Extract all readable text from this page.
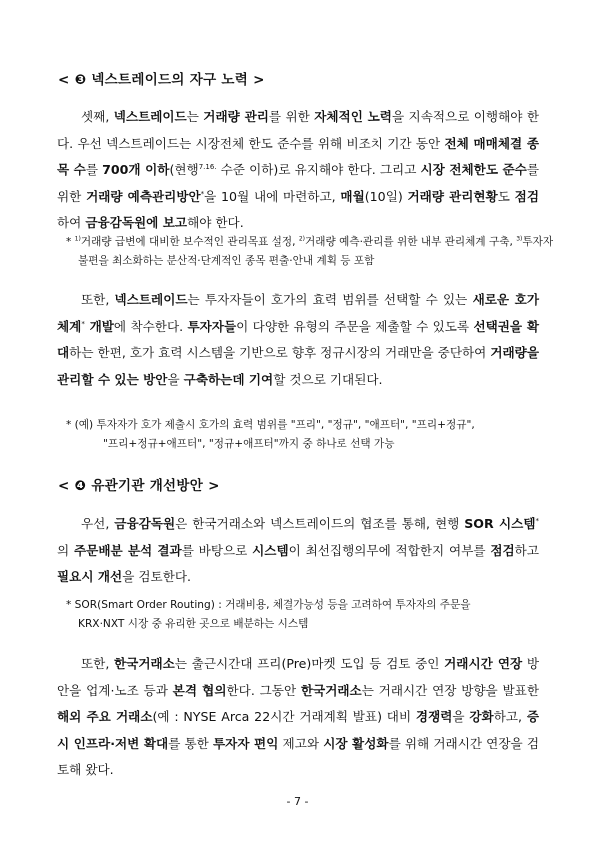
< ❸ 넥스트레이드의 자구 노력 >
셋째, 넥스트레이드는 거래량 관리를 위한 자체적인 노력을 지속적으로 이행해야 한다. 우선 넥스트레이드는 시장전체 한도 준수를 위해 비조치 기간 동안 전체 매매체결 종목 수를 700개 이하(현행$^{7.16.}$ 수준 이하)로 유지해야 한다. 그리고 시장 전체한도 준수를 위한 거래량 예측관리방안*을 10월 내에 마련하고, 매월(10일) 거래량 관리현황도 점검하여 금융감독원에 보고해야 한다.
* $^{1)}$거래량 급변에 대비한 보수적인 관리목표 설정, $^{2)}$거래량 예측·관리를 위한 내부 관리체계 구축, $^{3)}$투자자 불편을 최소화하는 분산적·단계적인 종목 편출·안내 계획 등 포함
또한, 넥스트레이드는 투자자들이 호가의 효력 범위를 선택할 수 있는 새로운 호가 체계* 개발에 착수한다. 투자자들이 다양한 유형의 주문을 제출할 수 있도록 선택권을 확대하는 한편, 호가 효력 시스템을 기반으로 향후 정규시장의 거래만을 중단하여 거래량을 관리할 수 있는 방안을 구축하는데 기여할 것으로 기대된다.
* (예) 투자자가 호가 제출시 호가의 효력 범위를 "프리", "정규", "애프터", "프리+정규",
"프리+정규+애프터", "정규+애프터"까지 중 하나로 선택 가능
< ❹ 유관기관 개선방안 >
우선, 금융감독원은 한국거래소와 넥스트레이드의 협조를 통해, 현행 SOR 시스템*의 주문배분 분석 결과를 바탕으로 시스템이 최선집행의무에 적합한지 여부를 점검하고 필요시 개선을 검토한다.
* SOR(Smart Order Routing) : 거래비용, 체결가능성 등을 고려하여 투자자의 주문을
KRX·NXT 시장 중 유리한 곳으로 배분하는 시스템
또한, 한국거래소는 출근시간대 프리(Pre)마켓 도입 등 검토 중인 거래시간 연장 방안을 업계·노조 등과 본격 협의한다. 그동안 한국거래소는 거래시간 연장 방향을 발표한 해외 주요 거래소(예 : NYSE Arca 22시간 거래계획 발표) 대비 경쟁력을 강화하고, 증시 인프라·저변 확대를 통한 투자자 편익 제고와 시장 활성화를 위해 거래시간 연장을 검토해 왔다.
- 7 -
